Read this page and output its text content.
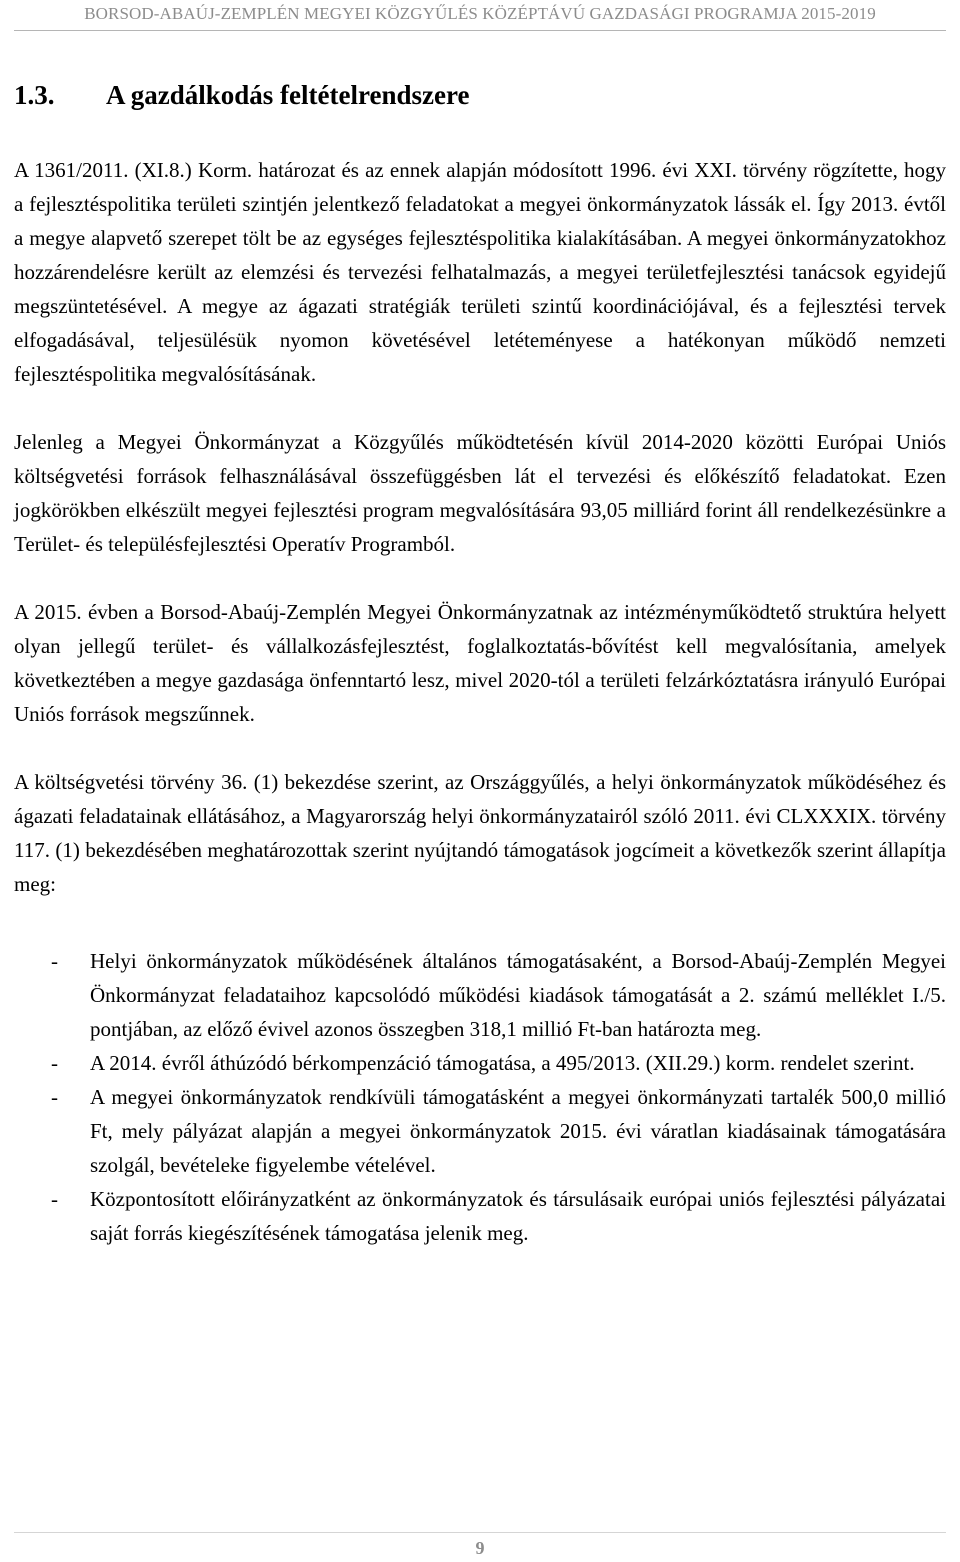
BORSOD-ABAÚJ-ZEMPLÉN MEGYEI KÖZGYŰLÉS KÖZÉPTÁVÚ GAZDASÁGI PROGRAMJA 2015-2019
1.3. A gazdálkodás feltételrendszere

A 1361/2011. (XI.8.) Korm. határozat és az ennek alapján módosított 1996. évi XXI. törvény rögzítette, hogy a fejlesztéspolitika területi szintjén jelentkező feladatokat a megyei önkormányzatok lássák el. Így 2013. évtől a megye alapvető szerepet tölt be az egységes fejlesztéspolitika kialakításában. A megyei önkormányzatokhoz hozzárendelésre került az elemzési és tervezési felhatalmazás, a megyei területfejlesztési tanácsok egyidejű megszüntetésével. A megye az ágazati stratégiák területi szintű koordinációjával, és a fejlesztési tervek elfogadásával, teljesülésük nyomon követésével letéteményese a hatékonyan működő nemzeti fejlesztéspolitika megvalósításának.

Jelenleg a Megyei Önkormányzat a Közgyűlés működtetésén kívül 2014-2020 közötti Európai Uniós költségvetési források felhasználásával összefüggésben lát el tervezési és előkészítő feladatokat. Ezen jogkörökben elkészült megyei fejlesztési program megvalósítására 93,05 milliárd forint áll rendelkezésünkre a Terület- és településfejlesztési Operatív Programból.

A 2015. évben a Borsod-Abaúj-Zemplén Megyei Önkormányzatnak az intézményműködtető struktúra helyett olyan jellegű terület- és vállalkozásfejlesztést, foglalkoztatás-bővítést kell megvalósítania, amelyek következtében a megye gazdasága önfenntartó lesz, mivel 2020-tól a területi felzárkóztatásra irányuló Európai Uniós források megszűnnek.

A költségvetési törvény 36. (1) bekezdése szerint, az Országgyűlés, a helyi önkormányzatok működéséhez és ágazati feladatainak ellátásához, a Magyarország helyi önkormányzatairól szóló 2011. évi CLXXXIX. törvény 117. (1) bekezdésében meghatározottak szerint nyújtandó támogatások jogcímeit a következők szerint állapítja meg:

- Helyi önkormányzatok működésének általános támogatásaként, a Borsod-Abaúj-Zemplén Megyei Önkormányzat feladataihoz kapcsolódó működési kiadások támogatását a 2. számú melléklet I./5. pontjában, az előző évivel azonos összegben 318,1 millió Ft-ban határozta meg.
- A 2014. évről áthúzódó bérkompenzáció támogatása, a 495/2013. (XII.29.) korm. rendelet szerint.
- A megyei önkormányzatok rendkívüli támogatásként a megyei önkormányzati tartalék 500,0 millió Ft, mely pályázat alapján a megyei önkormányzatok 2015. évi váratlan kiadásainak támogatására szolgál, bevételeke figyelembe vételével.
- Központosított előirányzatként az önkormányzatok és társulásaik európai uniós fejlesztési pályázatai saját forrás kiegészítésének támogatása jelenik meg.
9
